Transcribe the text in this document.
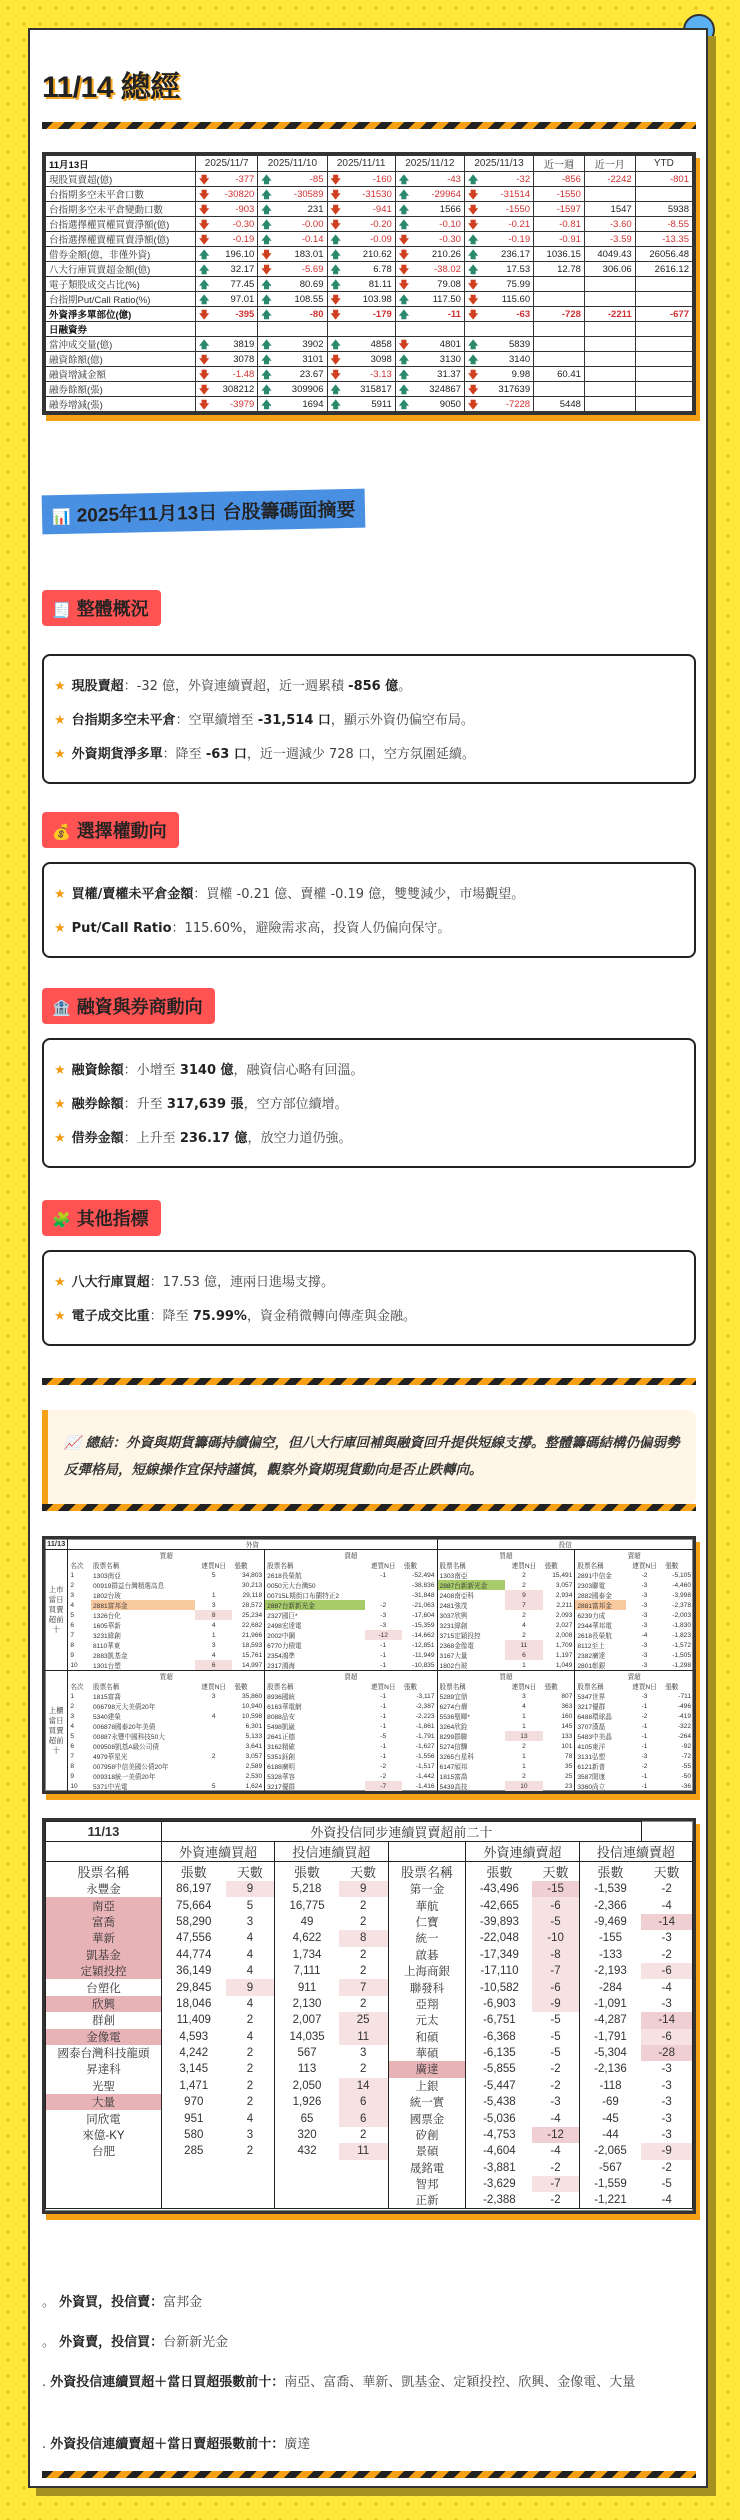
11/14 總經
11月13日	2025/11/7	2025/11/10	2025/11/11	2025/11/12	2025/11/13	近一週	近一月	YTD
現股買賣超(億)	🡇 -377	🡅 -85	🡇 -160	🡅 -43	🡅 -32	-856	-2242	-801
台指期多空未平倉口數	🡇 -30820	🡅 -30589	🡇 -31530	🡅 -29964	🡇 -31514	-1550		
台指期多空未平倉變動口數	🡇 -903	🡅 231	🡇 -941	🡅 1566	🡇 -1550	-1597	1547	5938
台指選擇權買權買賣淨額(億)	🡇 -0.30	🡅 -0.00	🡇 -0.20	🡅 -0.10	🡇 -0.21	-0.81	-3.60	-8.55
台指選擇權賣權買賣淨額(億)	🡇 -0.19	🡅 -0.14	🡅 -0.09	🡇 -0.30	🡅 -0.19	-0.91	-3.59	-13.35
借券金額(億，非僅外資)	🡅 196.10	🡇 183.01	🡅 210.62	🡇 210.26	🡅 236.17	1036.15	4049.43	26056.48
八大行庫買賣超金額(億)	🡅 32.17	🡇 -5.69	🡅 6.78	🡇 -38.02	🡅 17.53	12.78	306.06	2616.12
電子類股成交占比(%)	🡅 77.45	🡅 80.69	🡅 81.11	🡇 79.08	🡇 75.99			
台指期Put/Call Ratio(%)	🡅 97.01	🡅 108.55	🡇 103.98	🡅 117.50	🡇 115.60			
外資淨多單部位(億)	🡇 -395	🡅 -80	🡇 -179	🡅 -11	🡇 -63	-728	-2211	-677
日融資券								
當沖成交量(億)	🡅 3819	🡅 3902	🡅 4858	🡇 4801	🡅 5839			
融資餘額(億)	🡇 3078	🡅 3101	🡇 3098	🡅 3130	🡅 3140			
融資增減金額	🡇 -1.48	🡅 23.67	🡇 -3.13	🡅 31.37	🡇 9.98	60.41		
融券餘額(張)	🡇 308212	🡅 309906	🡅 315817	🡅 324867	🡇 317639			
融券增減(張)	🡇 -3979	🡅 1694	🡅 5911	🡅 9050	🡇 -7228	5448		
📊 2025年11月13日 台股籌碼面摘要
🧾 整體概況
★ 現股賣超：-32 億，外資連續賣超，近一週累積 -856 億。
★ 台指期多空未平倉：空單續增至 -31,514 口，顯示外資仍偏空布局。
★ 外資期貨淨多單：降至 -63 口，近一週減少 728 口，空方氛圍延續。
💰 選擇權動向
★ 買權/賣權未平倉金額：買權 -0.21 億、賣權 -0.19 億，雙雙減少，市場觀望。
★ Put/Call Ratio：115.60%，避險需求高，投資人仍偏向保守。
🏦 融資與券商動向
★ 融資餘額：小增至 3140 億，融資信心略有回溫。
★ 融券餘額：升至 317,639 張，空方部位續增。
★ 借券金額：上升至 236.17 億，放空力道仍強。
🧩 其他指標
★ 八大行庫買超：17.53 億，連兩日進場支撐。
★ 電子成交比重：降至 75.99%，資金稍微轉向傳產與金融。
📈 總結：外資與期貨籌碼持續偏空，但八大行庫回補與融資回升提供短線支撐。整體籌碼結構仍偏弱勢反彈格局，短線操作宜保持謹慎，觀察外資期現貨動向是否止跌轉向。
11/13	外資							投信					
上市當日買賣超前十	買超				賣超			買超			賣超		
	名次	股票名稱	連買N日	張數	股票名稱	連買N日	張數	股票名稱	連買N日	張數	股票名稱	連買N日	張數
	1	1303南亞	5	34,803	2618長榮航	-1	-52,494	1303南亞	2	15,491	2891中信金	-2	-5,105
	2	00919群益台灣精選高息		30,213	0050元大台灣50		-38,836	2887台新新光金	2	3,057	2303聯電	-3	-4,460
	3	1802台玻	1	29,118	00715L期街口布蘭特正2		-31,848	2408南亞科	9	2,934	2882國泰金	-3	-3,998
	4	2881富邦金	3	28,572	2887台新新光金	-2	-21,063	2481強茂	7	2,211	2881富邦金	-3	-2,378
	5	1326台化	8	25,234	2327國巨*	-3	-17,604	3037欣興	2	2,093	6239力成	-3	-2,003
	6	1605華新	4	22,682	2498宏達電	-3	-15,359	3231緯創	4	2,027	2344華邦電	-3	-1,830
	7	3231緯創	1	21,966	2002中鋼	-12	-14,662	3715定穎投控	2	2,008	2618長榮航	-4	-1,823
	8	8110華東	3	18,593	6770力積電	-1	-12,851	2368金像電	11	1,709	8112至上	-3	-1,572
	9	2883凱基金	4	15,761	2354鴻準	-1	-11,949	3167大量	6	1,197	2382廣達	-3	-1,505
	10	1301台塑	6	14,997	2317鴻海	-1	-10,835	1802台玻	1	1,049	2801彰銀	-3	-1,298
上櫃當日買賣超前十	買超				賣超			買超			賣超		
	名次	股票名稱	連買N日	張數	股票名稱	連買N日	張數	股票名稱	連買N日	張數	股票名稱	連買N日	張數
	1	1815富喬	3	35,860	8936國統	-1	-3,117	5289宜鼎	3	807	5347世界	-3	-711
	2	006798元大美債20年		10,940	6163華電網	-1	-2,387	6274台燿	4	363	3217優群	-1	-496
	3	5340建榮	4	10,598	8088品安	-1	-2,223	5536聖暉*	1	160	6488環球晶	-2	-419
	4	006878國泰20年美債		6,301	5498凱崴	-1	-1,861	3264欣銓	1	145	3707漢磊	-1	-322
	5	00887永豐中國科技50大		5,133	2641正德	-5	-1,791	8299群聯	13	133	5483中美晶	-1	-264
	6	009508凱基A級公司債		3,641	3162精確	-1	-1,627	5274信驊	2	101	4105東洋	-1	-92
	7	4979華星光	2	3,057	5351鈺創	-1	-1,556	3265台星科	1	78	3131弘塑	-3	-72
	8	007958中信美國公債20年		2,589	6188廣明	-2	-1,517	6147頎邦	1	35	6121新普	-2	-55
	9	009318統一美債20年		2,530	5328華容	-2	-1,442	1815富喬	2	25	3587閎康	-1	-50
	10	5371中光電	5	1,624	3217優群	-7	-1,416	5439高技	10	23	3360尚立	-1	-36
11/13	外資投信同步連續買賣超前二十								
	外資連續買超		投信連續買超			外資連續賣超		投信連續賣超	
股票名稱	張數	天數	張數	天數	股票名稱	張數	天數	張數	天數
永豐金	86,197	9	5,218	9	第一金	-43,496	-15	-1,539	-2
南亞	75,664	5	16,775	2	華航	-42,665	-6	-2,366	-4
富喬	58,290	3	49	2	仁寶	-39,893	-5	-9,469	-14
華新	47,556	4	4,622	8	統一	-22,048	-10	-155	-3
凱基金	44,774	4	1,734	2	啟碁	-17,349	-8	-133	-2
定穎投控	36,149	4	7,111	2	上海商銀	-17,110	-7	-2,193	-6
台塑化	29,845	9	911	7	聯發科	-10,582	-6	-284	-4
欣興	18,046	4	2,130	2	亞翔	-6,903	-9	-1,091	-3
群創	11,409	2	2,007	25	元太	-6,751	-5	-4,287	-14
金像電	4,593	4	14,035	11	和碩	-6,368	-5	-1,791	-6
國泰台灣科技龍頭	4,242	2	567	3	華碩	-6,135	-5	-5,304	-28
昇達科	3,145	2	113	2	廣達	-5,855	-2	-2,136	-3
光聖	1,471	2	2,050	14	上銀	-5,447	-2	-118	-3
大量	970	2	1,926	6	統一實	-5,438	-3	-69	-3
同欣電	951	4	65	6	國票金	-5,036	-4	-45	-3
來億-KY	580	3	320	2	矽創	-4,753	-12	-44	-3
台肥	285	2	432	11	景碩	-4,604	-4	-2,065	-9
					晟銘電	-3,881	-2	-567	-2
					智邦	-3,629	-7	-1,559	-5
					正新	-2,388	-2	-1,221	-4

。 外資買，投信賣：富邦金
。 外資賣，投信買：台新新光金
. 外資投信連續買超＋當日買超張數前十：南亞、富喬、華新、凱基金、定穎投控、欣興、金像電、大量
. 外資投信連續賣超＋當日賣超張數前十：廣達
